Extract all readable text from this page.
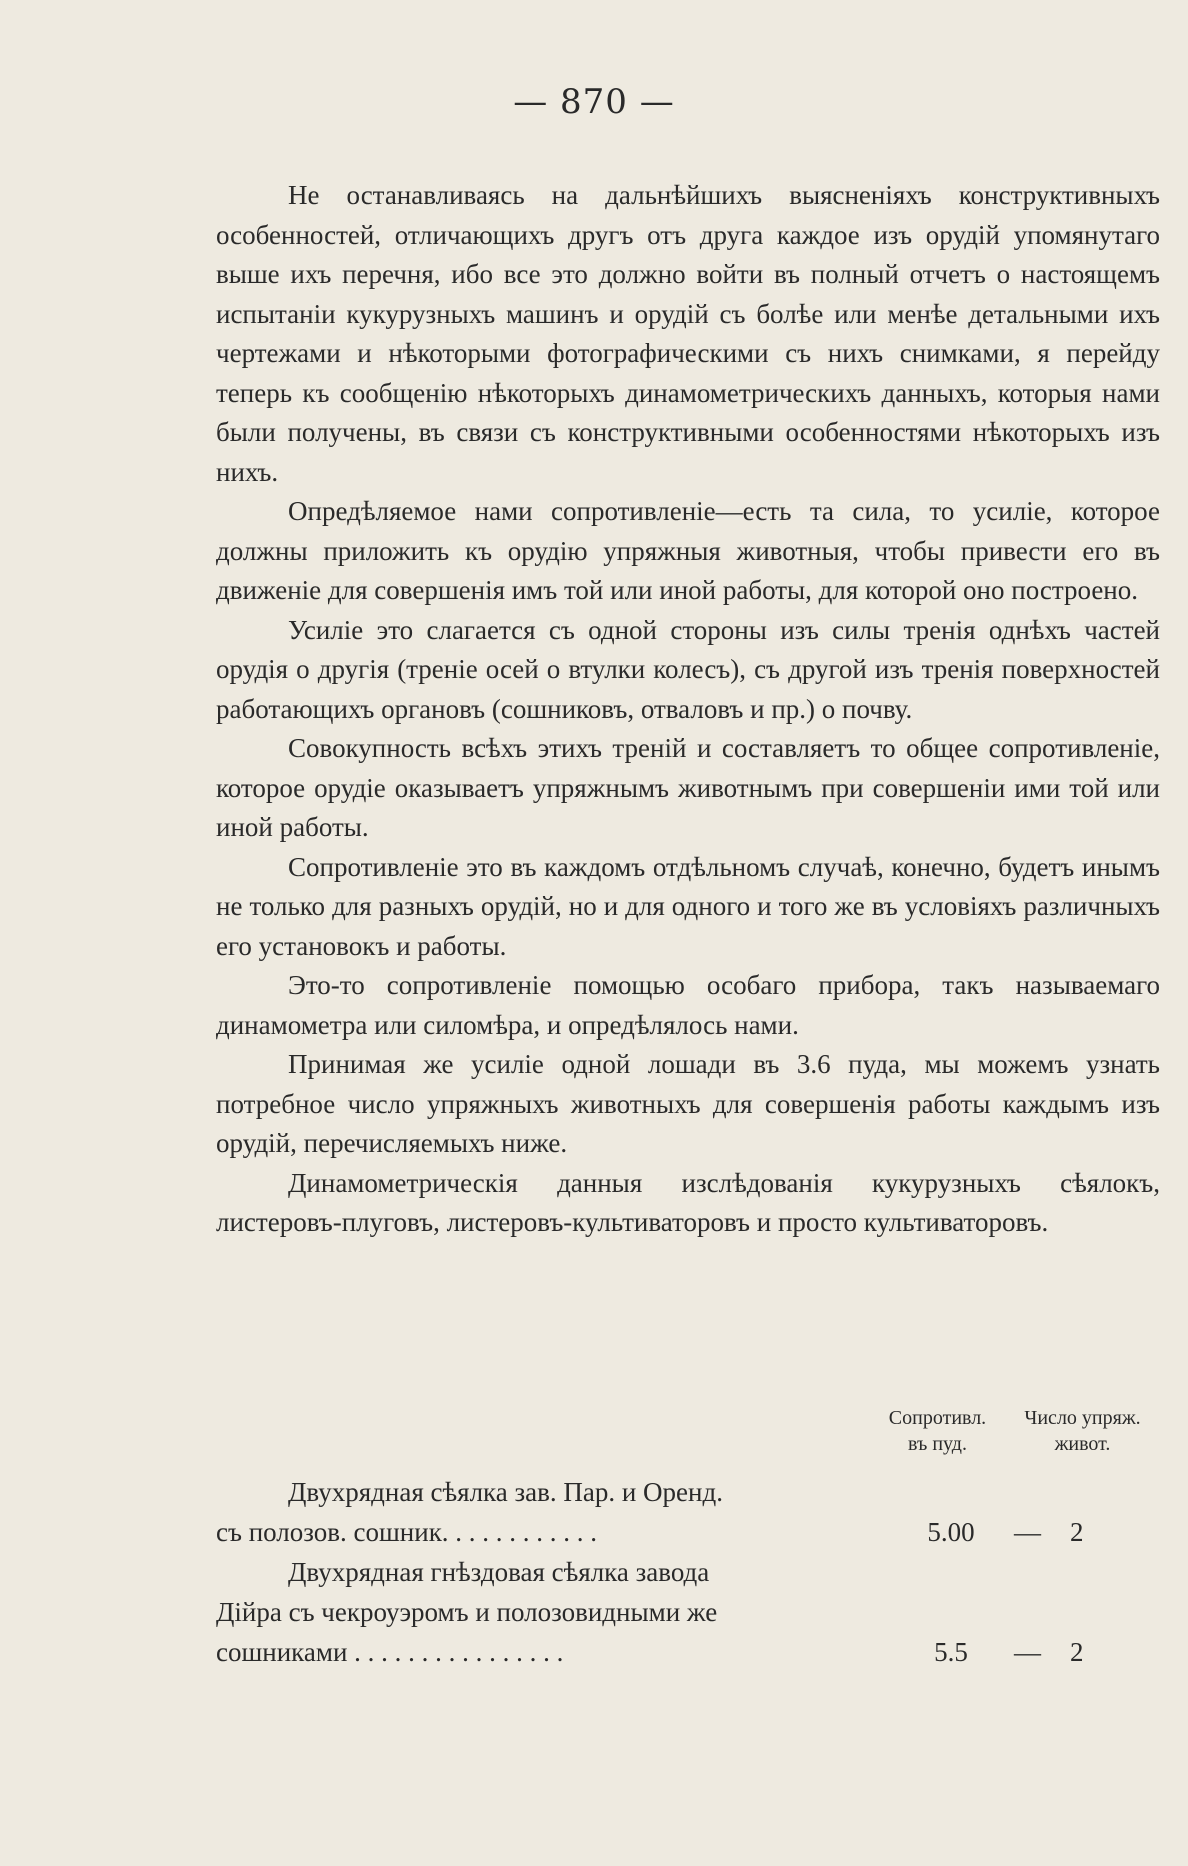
— 870 —

Не останавливаясь на дальнѣйшихъ выясненіяхъ конструктивныхъ особенностей, отличающихъ другъ отъ друга каждое изъ орудій упомянутаго выше ихъ перечня, ибо все это должно войти въ полный отчетъ о настоящемъ испытаніи кукурузныхъ машинъ и орудій съ болѣе или менѣе детальными ихъ чертежами и нѣкоторыми фотографическими съ нихъ снимками, я перейду теперь къ сообщенію нѣкоторыхъ динамометрическихъ данныхъ, которыя нами были получены, въ связи съ конструктивными особенностями нѣкоторыхъ изъ нихъ.

Опредѣляемое нами сопротивленіе—есть та сила, то усиліе, которое должны приложить къ орудію упряжныя животныя, чтобы привести его въ движеніе для совершенія имъ той или иной работы, для которой оно построено.

Усиліе это слагается съ одной стороны изъ силы тренія однѣхъ частей орудія о другія (треніе осей о втулки колесъ), съ другой изъ тренія поверхностей работающихъ органовъ (сошниковъ, отваловъ и пр.) о почву.

Совокупность всѣхъ этихъ треній и составляетъ то общее сопротивленіе, которое орудіе оказываетъ упряжнымъ животнымъ при совершеніи ими той или иной работы.

Сопротивленіе это въ каждомъ отдѣльномъ случаѣ, конечно, будетъ инымъ не только для разныхъ орудій, но и для одного и того же въ условіяхъ различныхъ его установокъ и работы.

Это-то сопротивленіе помощью особаго прибора, такъ называемаго динамометра или силомѣра, и опредѣлялось нами.

Принимая же усиліе одной лошади въ 3.6 пуда, мы можемъ узнать потребное число упряжныхъ животныхъ для совершенія работы каждымъ изъ орудій, перечисляемыхъ ниже.

Динамометрическія данныя изслѣдованія кукурузныхъ сѣялокъ, листеровъ-плуговъ, листеровъ-культиваторовъ и просто культиваторовъ.

Сопротивл.
въ пуд.
Число упряж.
живот.
Двухрядная сѣялка зав. Пар. и Оренд.
съ полозов. сошник. . . . . . . . . . . .	5.00	— 2
Двухрядная гнѣздовая сѣялка завода
Дійра съ чекроуэромъ и полозовидными же
сошниками . . . . . . . . . . . . . . . .	5.5	— 2
